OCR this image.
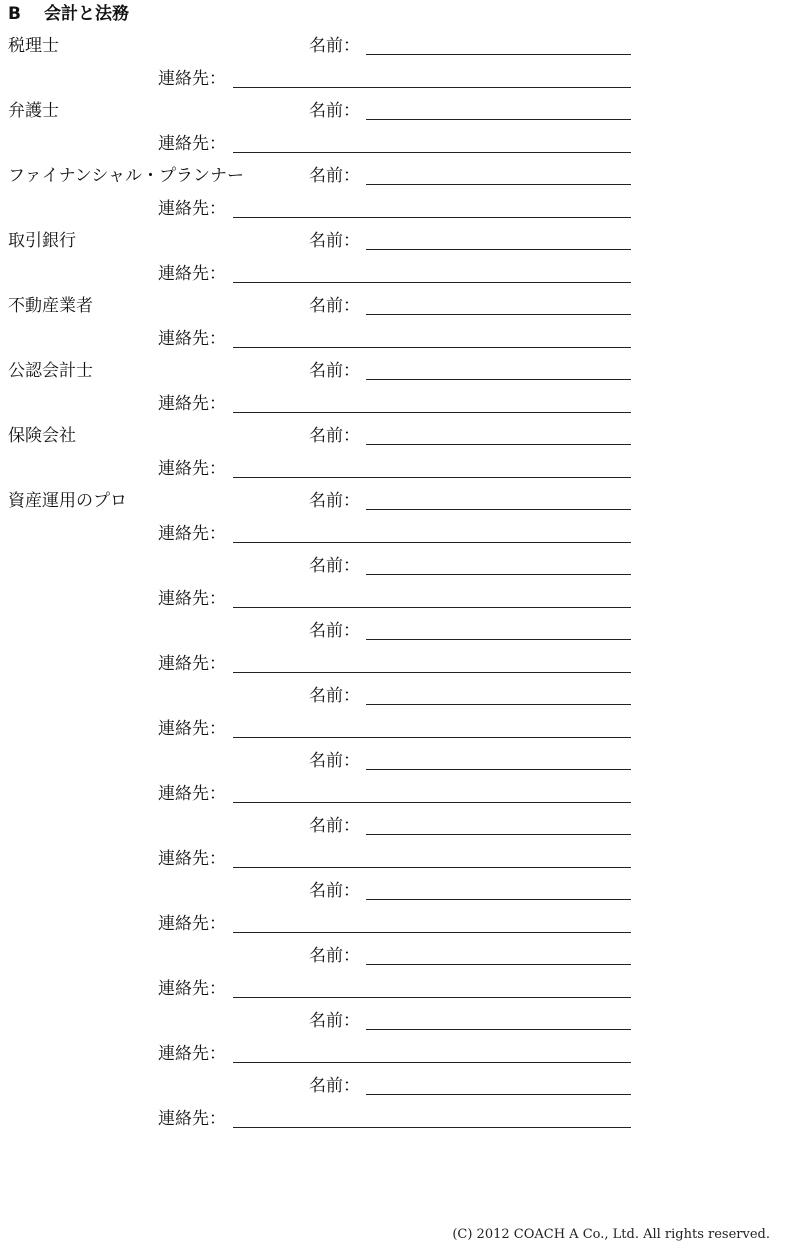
B 会計と法務
税理士	名前：
連絡先：
弁護士	名前：
連絡先：
ファイナンシャル・プランナー	名前：
連絡先：
取引銀行	名前：
連絡先：
不動産業者	名前：
連絡先：
公認会計士	名前：
連絡先：
保険会社	名前：
連絡先：
資産運用のプロ	名前：
連絡先：
名前：
連絡先：
名前：
連絡先：
名前：
連絡先：
名前：
連絡先：
名前：
連絡先：
名前：
連絡先：
名前：
連絡先：
名前：
連絡先：
名前：
連絡先：
(C) 2012 COACH A Co., Ltd. All rights reserved.
